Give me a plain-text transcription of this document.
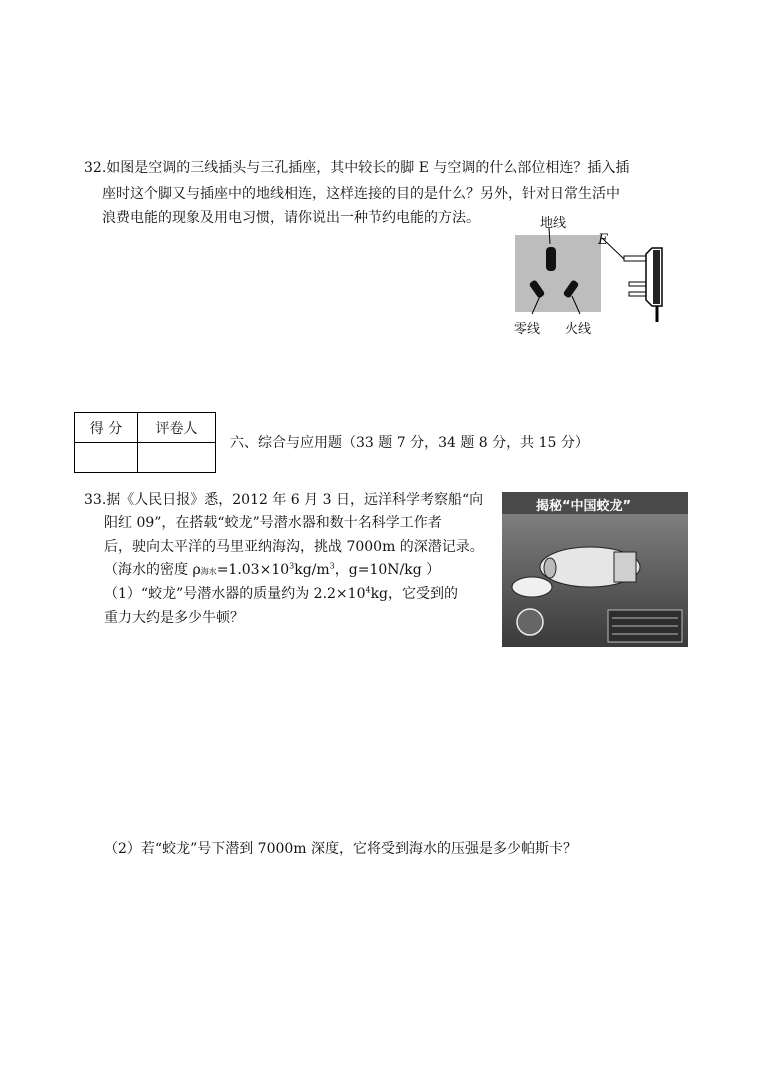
32.如图是空调的三线插头与三孔插座，其中较长的脚 E 与空调的什么部位相连？插入插
座时这个脚又与插座中的地线相连，这样连接的目的是什么？另外，针对日常生活中
浪费电能的现象及用电习惯，请你说出一种节约电能的方法。	地线
零线 火线
E
得 分	评卷人

六、综合与应用题（33 题 7 分，34 题 8 分，共 15 分）
33.据《人民日报》悉，2012 年 6 月 3 日，远洋科学考察船“向
阳红 09”，在搭载“蛟龙”号潜水器和数十名科学工作者
后，驶向太平洋的马里亚纳海沟，挑战 7000m 的深潜记录。
（海水的密度 ρ海水$=1.03\times 10^3kg/m^3$，g=10N/kg ）
（1）“蛟龙”号潜水器的质量约为 $2.2\times 10^4kg$，它受到的
重力大约是多少牛顿？
揭秘“中国蛟龙”
（2）若“蛟龙”号下潜到 7000m 深度，它将受到海水的压强是多少帕斯卡？
